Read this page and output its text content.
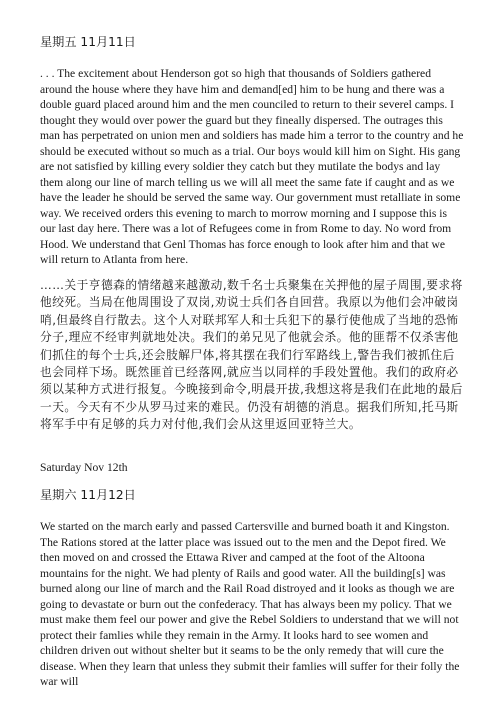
星期五 11月11日
. . . The excitement about Henderson got so high that thousands of Soldiers gathered around the house where they have him and demand[ed] him to be hung and there was a double guard placed around him and the men counciled to return to their severel camps. I thought they would over power the guard but they fineally dispersed. The outrages this man has perpetrated on union men and soldiers has made him a terror to the country and he should be executed without so much as a trial. Our boys would kill him on Sight. His gang are not satisfied by killing every soldier they catch but they mutilate the bodys and lay them along our line of march telling us we will all meet the same fate if caught and as we have the leader he should be served the same way. Our government must retalliate in some way. We received orders this evening to march to morrow morning and I suppose this is our last day here. There was a lot of Refugees come in from Rome to day. No word from Hood. We understand that Genl Thomas has force enough to look after him and that we will return to Atlanta from here.
……关于亨德森的情绪越来越激动,数千名士兵聚集在关押他的屋子周围,要求将他绞死。当局在他周围设了双岗,劝说士兵们各自回营。我原以为他们会冲破岗哨,但最终自行散去。这个人对联邦军人和士兵犯下的暴行使他成了当地的恐怖分子,理应不经审判就地处决。我们的弟兄见了他就会杀。他的匪帮不仅杀害他们抓住的每个士兵,还会肢解尸体,将其摆在我们行军路线上,警告我们被抓住后也会同样下场。既然匪首已经落网,就应当以同样的手段处置他。我们的政府必须以某种方式进行报复。今晚接到命令,明晨开拔,我想这将是我们在此地的最后一天。今天有不少从罗马过来的难民。仍没有胡德的消息。据我们所知,托马斯将军手中有足够的兵力对付他,我们会从这里返回亚特兰大。
Saturday Nov 12th
星期六 11月12日
We started on the march early and passed Cartersville and burned boath it and Kingston. The Rations stored at the latter place was issued out to the men and the Depot fired. We then moved on and crossed the Ettawa River and camped at the foot of the Altoona mountains for the night. We had plenty of Rails and good water. All the building[s] was burned along our line of march and the Rail Road distroyed and it looks as though we are going to devastate or burn out the confederacy. That has always been my policy. That we must make them feel our power and give the Rebel Soldiers to understand that we will not protect their famlies while they remain in the Army. It looks hard to see women and children driven out without shelter but it seams to be the only remedy that will cure the disease. When they learn that unless they submit their famlies will suffer for their folly the war will
